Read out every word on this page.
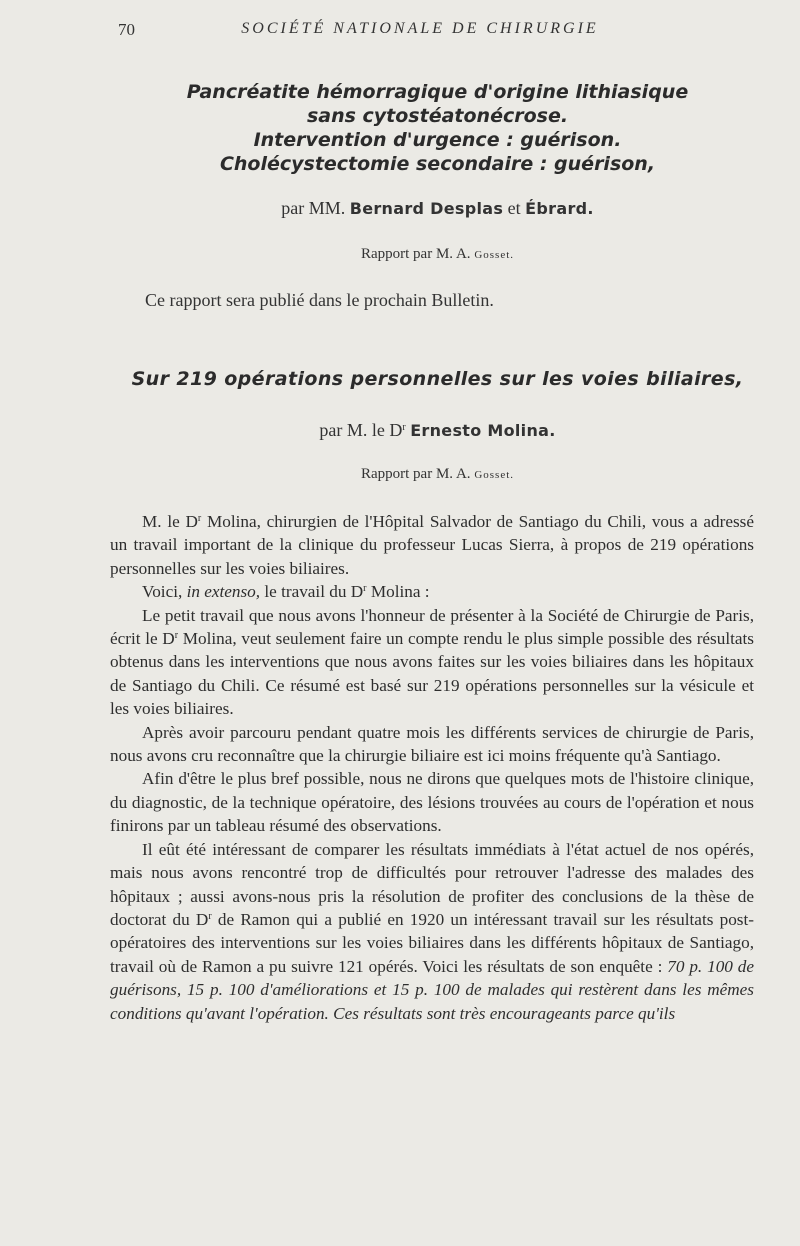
70	SOCIÉTÉ NATIONALE DE CHIRURGIE
Pancréatite hémorragique d'origine lithiasique
sans cytostéatonécrose.
Intervention d'urgence : guérison.
Cholécystectomie secondaire : guérison,
par MM. Bernard Desplas et Ébrard.
Rapport par M. A. Gosset.
Ce rapport sera publié dans le prochain Bulletin.
Sur 219 opérations personnelles sur les voies biliaires,
par M. le $D^r$ Ernesto Molina.
Rapport par M. A. Gosset.

M. le $D^r$ Molina, chirurgien de l'Hôpital Salvador de Santiago du Chili, vous a adressé un travail important de la clinique du professeur Lucas Sierra, à propos de 219 opérations personnelles sur les voies biliaires.

Voici, in extenso, le travail du $D^r$ Molina :

Le petit travail que nous avons l'honneur de présenter à la Société de Chirurgie de Paris, écrit le $D^r$ Molina, veut seulement faire un compte rendu le plus simple possible des résultats obtenus dans les interventions que nous avons faites sur les voies biliaires dans les hôpitaux de Santiago du Chili. Ce résumé est basé sur 219 opérations personnelles sur la vésicule et les voies biliaires.

Après avoir parcouru pendant quatre mois les différents services de chirurgie de Paris, nous avons cru reconnaître que la chirurgie biliaire est ici moins fréquente qu'à Santiago.

Afin d'être le plus bref possible, nous ne dirons que quelques mots de l'histoire clinique, du diagnostic, de la technique opératoire, des lésions trouvées au cours de l'opération et nous finirons par un tableau résumé des observations.

Il eût été intéressant de comparer les résultats immédiats à l'état actuel de nos opérés, mais nous avons rencontré trop de difficultés pour retrouver l'adresse des malades des hôpitaux ; aussi avons-nous pris la résolution de profiter des conclusions de la thèse de doctorat du $D^r$ de Ramon qui a publié en 1920 un intéressant travail sur les résultats post-opératoires des interventions sur les voies biliaires dans les différents hôpitaux de Santiago, travail où de Ramon a pu suivre 121 opérés. Voici les résultats de son enquête : 70 p. 100 de guérisons, 15 p. 100 d'améliorations et 15 p. 100 de malades qui restèrent dans les mêmes conditions qu'avant l'opération. Ces résultats sont très encourageants parce qu'ils
